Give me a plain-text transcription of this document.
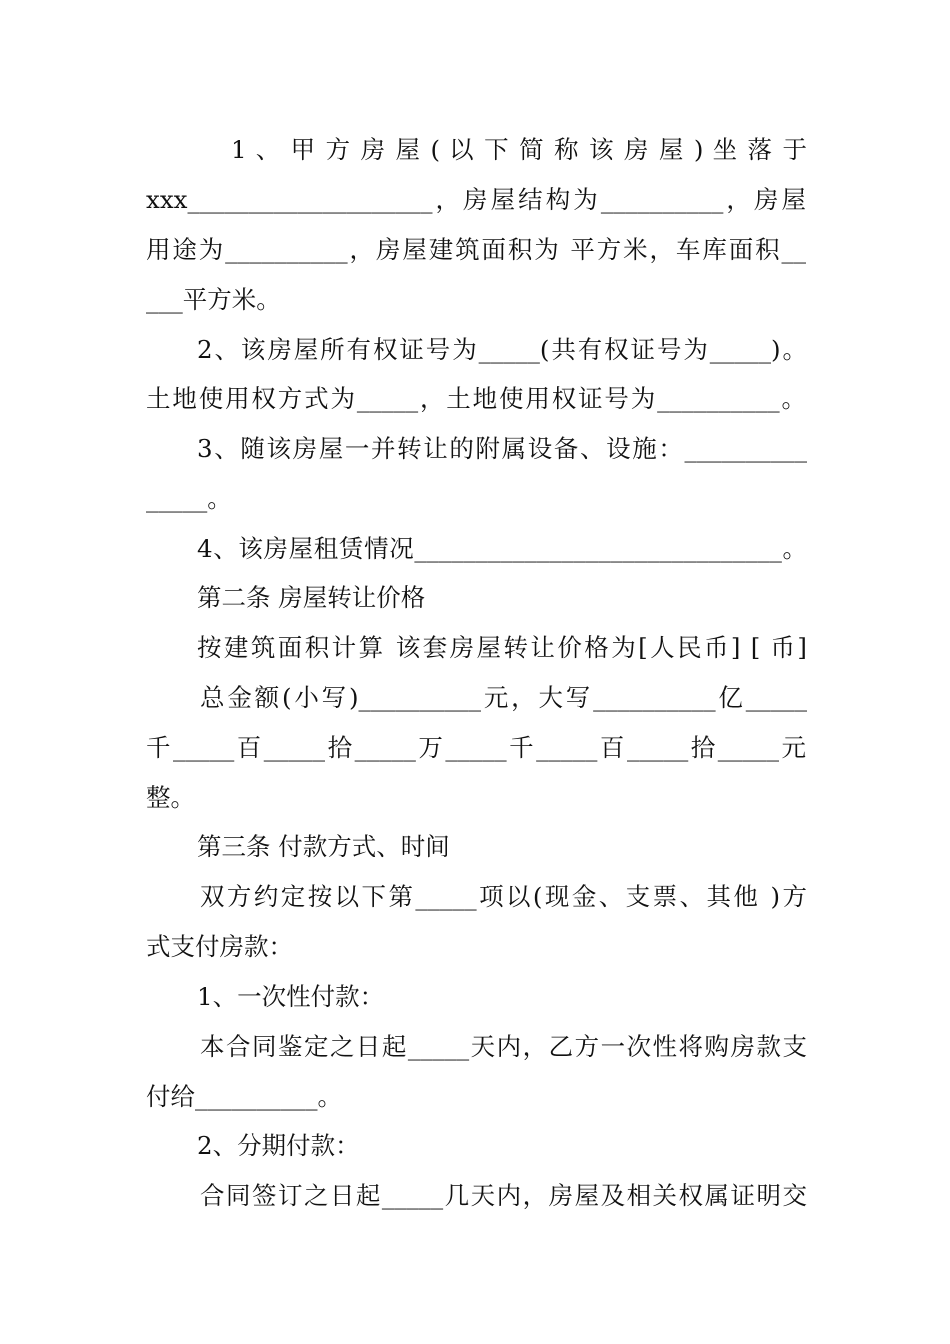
1 、 甲 方 房 屋 ( 以 下 简 称 该 房 屋 ) 坐 落 于
xxx____________________，房屋结构为__________，房屋
用途为__________，房屋建筑面积为 平方米，车库面积__
___平方米。
2、该房屋所有权证号为_____(共有权证号为_____)。
土地使用权方式为_____，土地使用权证号为__________。
3、随该房屋一并转让的附属设备、设施：__________
_____。
4、该房屋租赁情况______________________________。
第二条 房屋转让价格
按建筑面积计算 该套房屋转让价格为[人民币] [ 币]
总金额(小写)__________元，大写__________亿_____
千_____百_____拾_____万_____千_____百_____拾_____元
整。
第三条 付款方式、时间
双方约定按以下第_____项以(现金、支票、其他 )方
式支付房款：
1、一次性付款：
本合同鉴定之日起_____天内，乙方一次性将购房款支
付给__________。
2、分期付款：
合同签订之日起_____几天内，房屋及相关权属证明交
